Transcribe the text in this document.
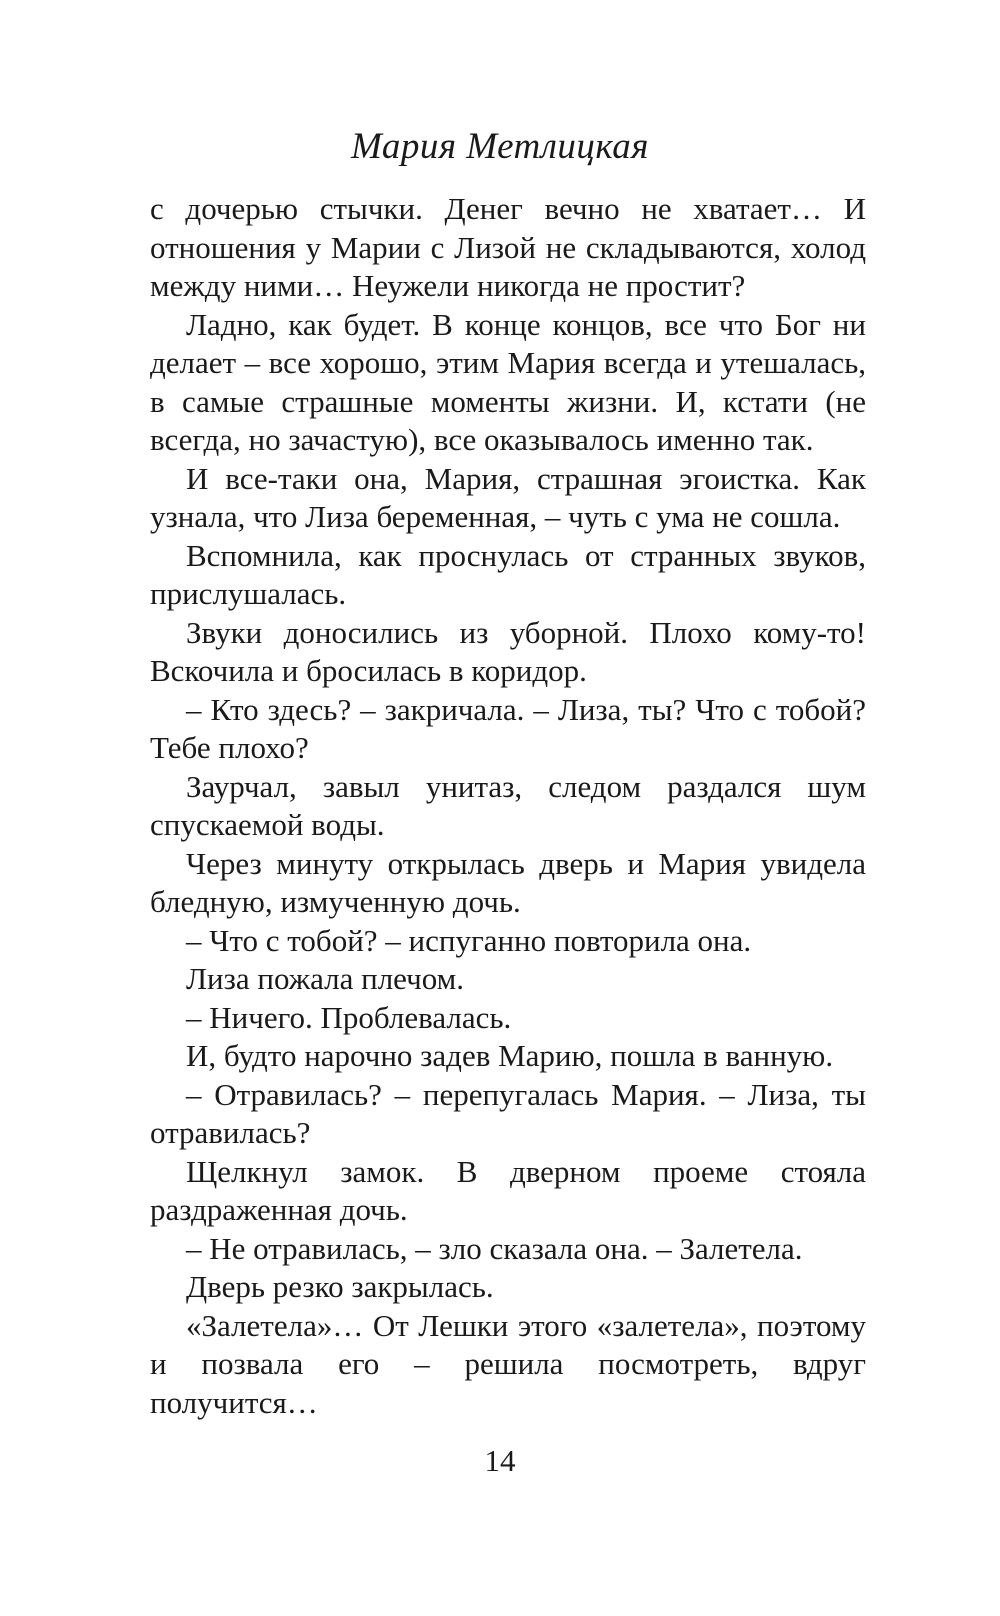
Мария Метлицкая

с дочерью стычки. Денег вечно не хватает… И отношения у Марии с Лизой не складываются, холод между ними… Неужели никогда не простит?

Ладно, как будет. В конце концов, все что Бог ни делает – все хорошо, этим Мария всегда и утешалась, в самые страшные моменты жизни. И, кстати (не всегда, но зачастую), все оказывалось именно так.

И все-таки она, Мария, страшная эгоистка. Как узнала, что Лиза беременная, – чуть с ума не сошла.

Вспомнила, как проснулась от странных звуков, прислушалась.

Звуки доносились из уборной. Плохо кому-то! Вскочила и бросилась в коридор.

– Кто здесь? – закричала. – Лиза, ты? Что с тобой? Тебе плохо?

Заурчал, завыл унитаз, следом раздался шум спускаемой воды.

Через минуту открылась дверь и Мария увидела бледную, измученную дочь.

– Что с тобой? – испуганно повторила она.

Лиза пожала плечом.

– Ничего. Проблевалась.

И, будто нарочно задев Марию, пошла в ванную.

– Отравилась? – перепугалась Мария. – Лиза, ты отравилась?

Щелкнул замок. В дверном проеме стояла раздраженная дочь.

– Не отравилась, – зло сказала она. – Залетела.

Дверь резко закрылась.

«Залетела»… От Лешки этого «залетела», поэтому и позвала его – решила посмотреть, вдруг получится…

14
